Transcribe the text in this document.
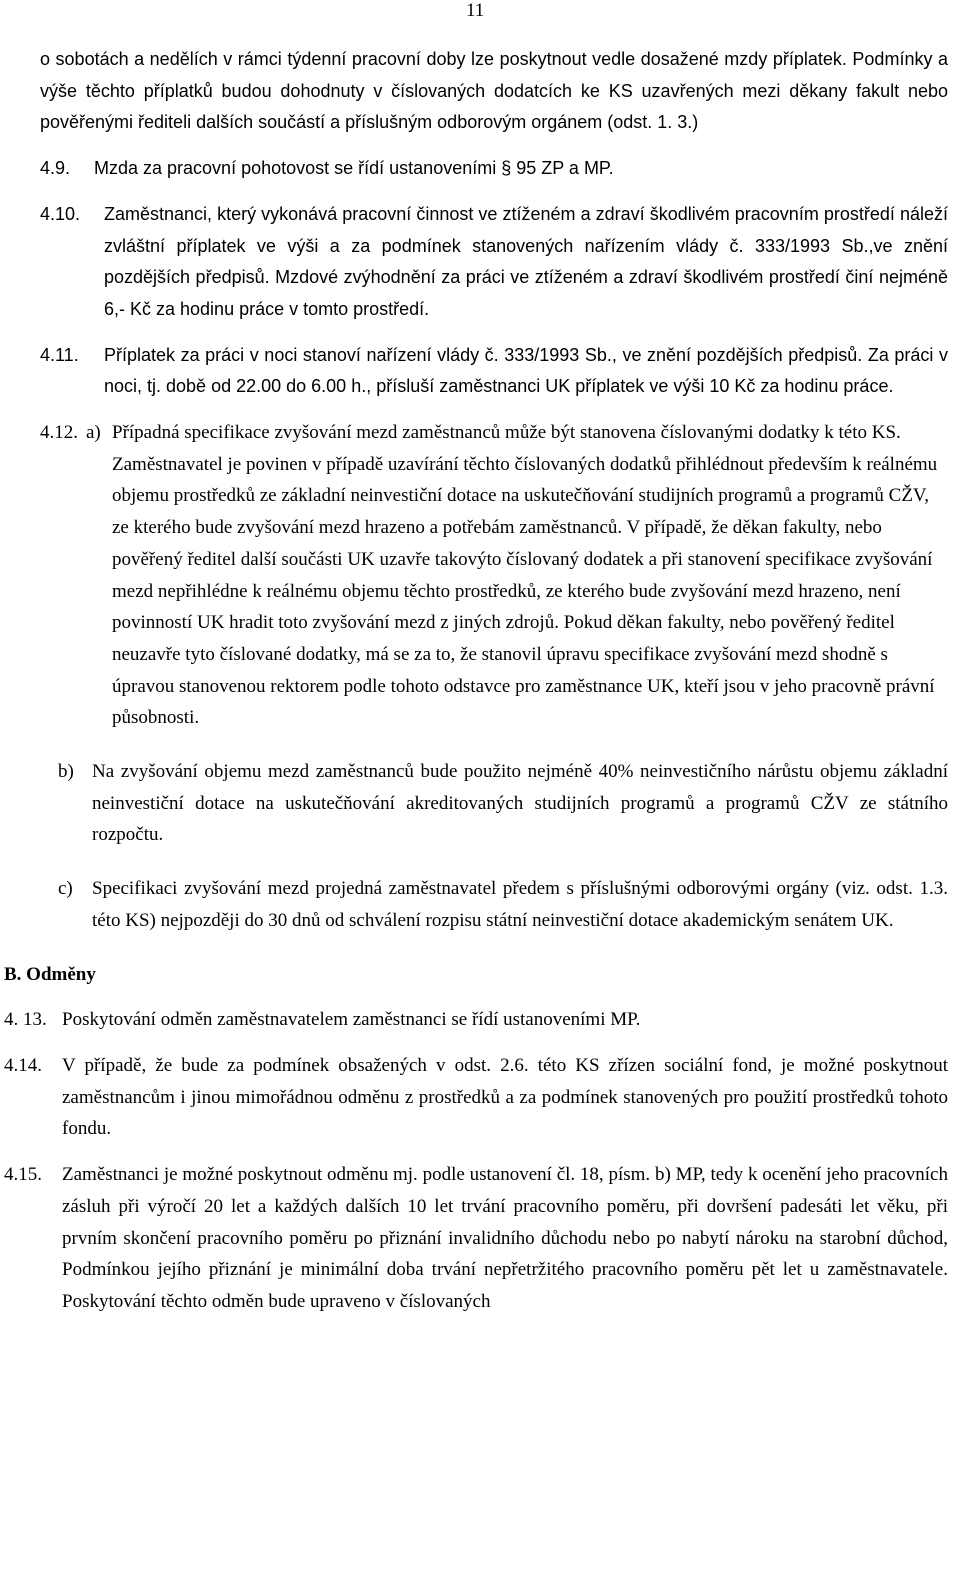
11

o sobotách a nedělích v rámci týdenní pracovní doby lze poskytnout vedle dosažené mzdy příplatek. Podmínky a výše těchto příplatků budou dohodnuty v číslovaných dodatcích ke KS uzavřených mezi děkany fakult nebo pověřenými řediteli dalších součástí a příslušným odborovým orgánem (odst. 1. 3.)

4.9.	Mzda za pracovní pohotovost se řídí ustanoveními § 95 ZP a MP.
4.10.	Zaměstnanci, který vykonává pracovní činnost ve ztíženém a zdraví škodlivém pracovním prostředí náleží zvláštní příplatek ve výši a za podmínek stanovených nařízením vlády č. 333/1993 Sb.,ve znění pozdějších předpisů. Mzdové zvýhodnění za práci ve ztíženém a zdraví škodlivém prostředí činí nejméně 6,- Kč za hodinu práce v tomto prostředí.
4.11.	Příplatek za práci v noci stanoví nařízení vlády č. 333/1993 Sb., ve znění pozdějších předpisů. Za práci v noci, tj. době od 22.00 do 6.00 h., přísluší zaměstnanci UK příplatek ve výši 10 Kč za hodinu práce.
4.12. a) Případná specifikace zvyšování mezd zaměstnanců může být stanovena číslovanými dodatky k této KS. Zaměstnavatel je povinen v případě uzavírání těchto číslovaných dodatků přihlédnout především k reálnému objemu prostředků ze základní neinvestiční dotace na uskutečňování studijních programů a programů CŽV, ze kterého bude zvyšování mezd hrazeno a potřebám zaměstnanců. V případě, že děkan fakulty, nebo pověřený ředitel další součásti UK uzavře takovýto číslovaný dodatek a při stanovení specifikace zvyšování mezd nepřihlédne k reálnému objemu těchto prostředků, ze kterého bude zvyšování mezd hrazeno, není povinností UK hradit toto zvyšování mezd z jiných zdrojů. Pokud děkan fakulty, nebo pověřený ředitel neuzavře tyto číslované dodatky, má se za to, že stanovil úpravu specifikace zvyšování mezd shodně s úpravou stanovenou rektorem podle tohoto odstavce pro zaměstnance UK, kteří jsou v jeho pracovně právní působnosti.
b) Na zvyšování objemu mezd zaměstnanců bude použito nejméně 40% neinvestičního nárůstu objemu základní neinvestiční dotace na uskutečňování akreditovaných studijních programů a programů CŽV ze státního rozpočtu.
c)	Specifikaci zvyšování mezd projedná zaměstnavatel předem s příslušnými odborovými orgány (viz. odst. 1.3. této KS) nejpozději do 30 dnů od schválení rozpisu státní neinvestiční dotace akademickým senátem UK.
B. Odměny
4. 13. Poskytování odměn zaměstnavatelem zaměstnanci se řídí ustanoveními MP.
4.14.	V případě, že bude za podmínek obsažených v odst. 2.6. této KS zřízen sociální fond, je možné poskytnout zaměstnancům i jinou mimořádnou odměnu z prostředků a za podmínek stanovených pro použití prostředků tohoto fondu.
4.15.	Zaměstnanci je možné poskytnout odměnu mj. podle ustanovení čl. 18, písm. b) MP, tedy k ocenění jeho pracovních zásluh při výročí 20 let a každých dalších 10 let trvání pracovního poměru, při dovršení padesáti let věku, při prvním skončení pracovního poměru po přiznání invalidního důchodu nebo po nabytí nároku na starobní důchod, Podmínkou jejího přiznání je minimální doba trvání nepřetržitého pracovního poměru pět let u zaměstnavatele. Poskytování těchto odměn bude upraveno v číslovaných
